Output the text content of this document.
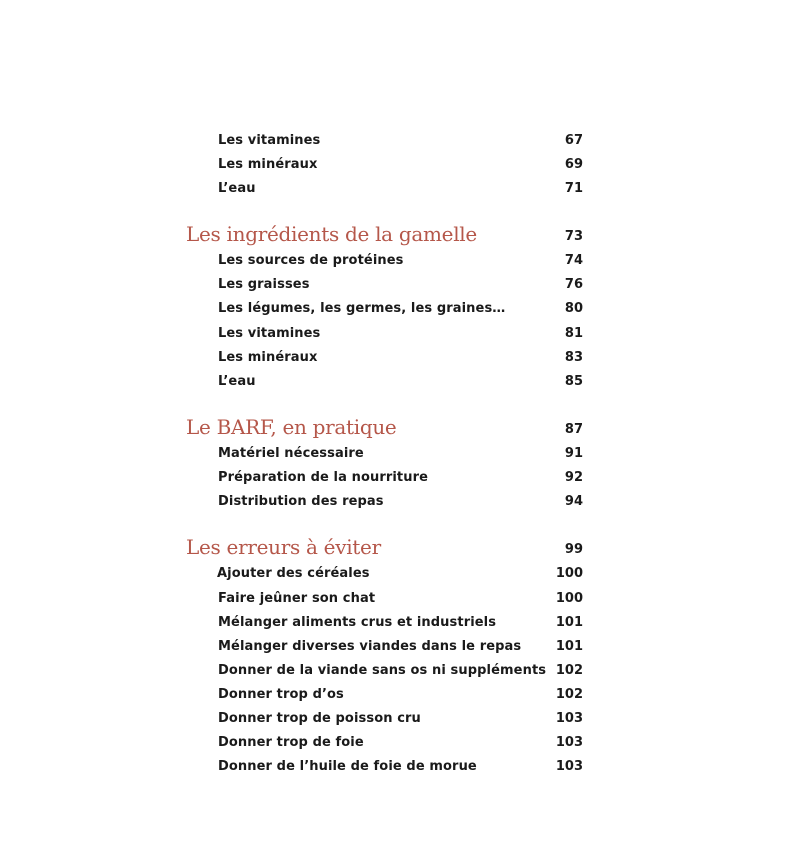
Les vitamines	67
Les minéraux	69
L’eau	71
Les ingrédients de la gamelle	73
Les sources de protéines	74
Les graisses	76
Les légumes, les germes, les graines…	80
Les vitamines	81
Les minéraux	83
L’eau	85
Le BARF, en pratique	87
Matériel nécessaire	91
Préparation de la nourriture	92
Distribution des repas	94
Les erreurs à éviter	99
Ajouter des céréales	100
Faire jeûner son chat	100
Mélanger aliments crus et industriels	101
Mélanger diverses viandes dans le repas	101
Donner de la viande sans os ni suppléments 102
Donner trop d’os	102
Donner trop de poisson cru	103
Donner trop de foie	103
Donner de l’huile de foie de morue	103
